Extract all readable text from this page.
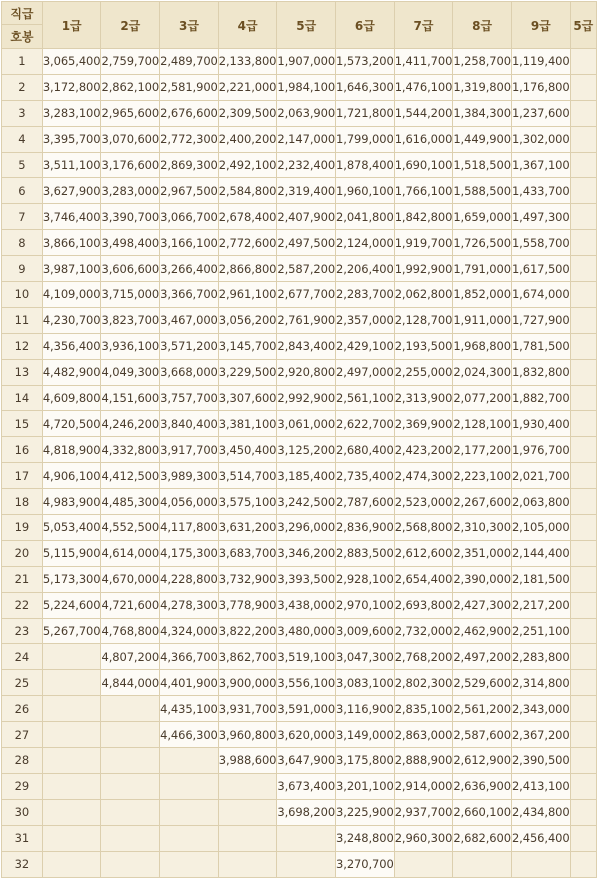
직급	1급	2급	3급	4급	5급	6급	7급	8급	9급	5급
호봉										
1	3,065,400	2,759,700	2,489,700	2,133,800	1,907,000	1,573,200	1,411,700	1,258,700	1,119,400	
2	3,172,800	2,862,100	2,581,900	2,221,000	1,984,100	1,646,300	1,476,100	1,319,800	1,176,800	
3	3,283,100	2,965,600	2,676,600	2,309,500	2,063,900	1,721,800	1,544,200	1,384,300	1,237,600	
4	3,395,700	3,070,600	2,772,300	2,400,200	2,147,000	1,799,000	1,616,000	1,449,900	1,302,000	
5	3,511,100	3,176,600	2,869,300	2,492,100	2,232,400	1,878,400	1,690,100	1,518,500	1,367,100	
6	3,627,900	3,283,000	2,967,500	2,584,800	2,319,400	1,960,100	1,766,100	1,588,500	1,433,700	
7	3,746,400	3,390,700	3,066,700	2,678,400	2,407,900	2,041,800	1,842,800	1,659,000	1,497,300	
8	3,866,100	3,498,400	3,166,100	2,772,600	2,497,500	2,124,000	1,919,700	1,726,500	1,558,700	
9	3,987,100	3,606,600	3,266,400	2,866,800	2,587,200	2,206,400	1,992,900	1,791,000	1,617,500	
10	4,109,000	3,715,000	3,366,700	2,961,100	2,677,700	2,283,700	2,062,800	1,852,000	1,674,000	
11	4,230,700	3,823,700	3,467,000	3,056,200	2,761,900	2,357,000	2,128,700	1,911,000	1,727,900	
12	4,356,400	3,936,100	3,571,200	3,145,700	2,843,400	2,429,100	2,193,500	1,968,800	1,781,500	
13	4,482,900	4,049,300	3,668,000	3,229,500	2,920,800	2,497,000	2,255,000	2,024,300	1,832,800	
14	4,609,800	4,151,600	3,757,700	3,307,600	2,992,900	2,561,100	2,313,900	2,077,200	1,882,700	
15	4,720,500	4,246,200	3,840,400	3,381,100	3,061,000	2,622,700	2,369,900	2,128,100	1,930,400	
16	4,818,900	4,332,800	3,917,700	3,450,400	3,125,200	2,680,400	2,423,200	2,177,200	1,976,700	
17	4,906,100	4,412,500	3,989,300	3,514,700	3,185,400	2,735,400	2,474,300	2,223,100	2,021,700	
18	4,983,900	4,485,300	4,056,000	3,575,100	3,242,500	2,787,600	2,523,000	2,267,600	2,063,800	
19	5,053,400	4,552,500	4,117,800	3,631,200	3,296,000	2,836,900	2,568,800	2,310,300	2,105,000	
20	5,115,900	4,614,000	4,175,300	3,683,700	3,346,200	2,883,500	2,612,600	2,351,000	2,144,400	
21	5,173,300	4,670,000	4,228,800	3,732,900	3,393,500	2,928,100	2,654,400	2,390,000	2,181,500	
22	5,224,600	4,721,600	4,278,300	3,778,900	3,438,000	2,970,100	2,693,800	2,427,300	2,217,200	
23	5,267,700	4,768,800	4,324,000	3,822,200	3,480,000	3,009,600	2,732,000	2,462,900	2,251,100	
24		4,807,200	4,366,700	3,862,700	3,519,100	3,047,300	2,768,200	2,497,200	2,283,800	
25		4,844,000	4,401,900	3,900,000	3,556,100	3,083,100	2,802,300	2,529,600	2,314,800	
26			4,435,100	3,931,700	3,591,000	3,116,900	2,835,100	2,561,200	2,343,000	
27			4,466,300	3,960,800	3,620,000	3,149,000	2,863,000	2,587,600	2,367,200	
28				3,988,600	3,647,900	3,175,800	2,888,900	2,612,900	2,390,500	
29					3,673,400	3,201,100	2,914,000	2,636,900	2,413,100	
30					3,698,200	3,225,900	2,937,700	2,660,100	2,434,800	
31						3,248,800	2,960,300	2,682,600	2,456,400	
32						3,270,700				
